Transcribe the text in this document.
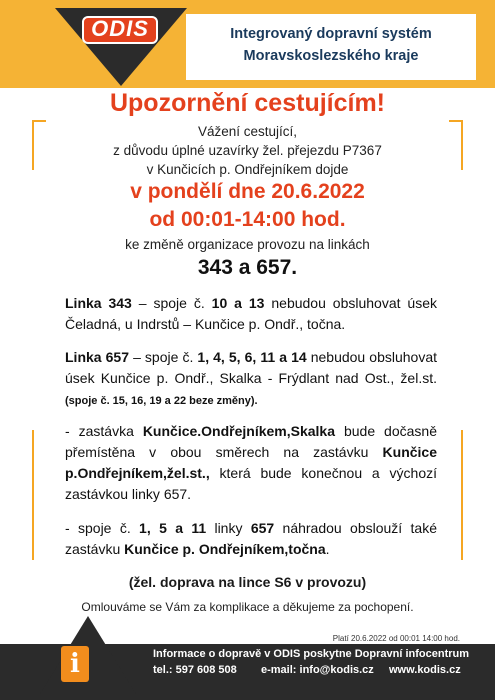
ODIS	Integrovaný dopravní systém
Moravskoslezského kraje
Upozornění cestujícím!
Vážení cestující,
z důvodu úplné uzavírky žel. přejezdu P7367
v Kunčicích p. Ondřejníkem dojde
v pondělí dne 20.6.2022
od 00:01-14:00 hod.
ke změně organizace provozu na linkách
343 a 657.
Linka 343 – spoje č. 10 a 13 nebudou obsluhovat úsek Čeladná, u Indrstů – Kunčice p. Ondř., točna.
Linka 657 – spoje č. 1, 4, 5, 6, 11 a 14 nebudou obsluhovat úsek Kunčice p. Ondř., Skalka - Frýdlant nad Ost., žel.st. (spoje č. 15, 16, 19 a 22 beze změny).
- zastávka Kunčice.Ondřejníkem,Skalka bude dočasně přemístěna v obou směrech na zastávku Kunčice p.Ondřejníkem,žel.st., která bude konečnou a výchozí zastávkou linky 657.
- spoje č. 1, 5 a 11 linky 657 náhradou obslouží také zastávku Kunčice p. Ondřejníkem,točna.
(žel. doprava na lince S6 v provozu)
Omlouváme se Vám za komplikace a děkujeme za pochopení.
Platí 20.6.2022 od 00:01 14:00 hod.
i	Informace o dopravě v ODIS poskytne Dopravní infocentrum
tel.: 597 608 508 e-mail: info@kodis.cz www.kodis.cz
